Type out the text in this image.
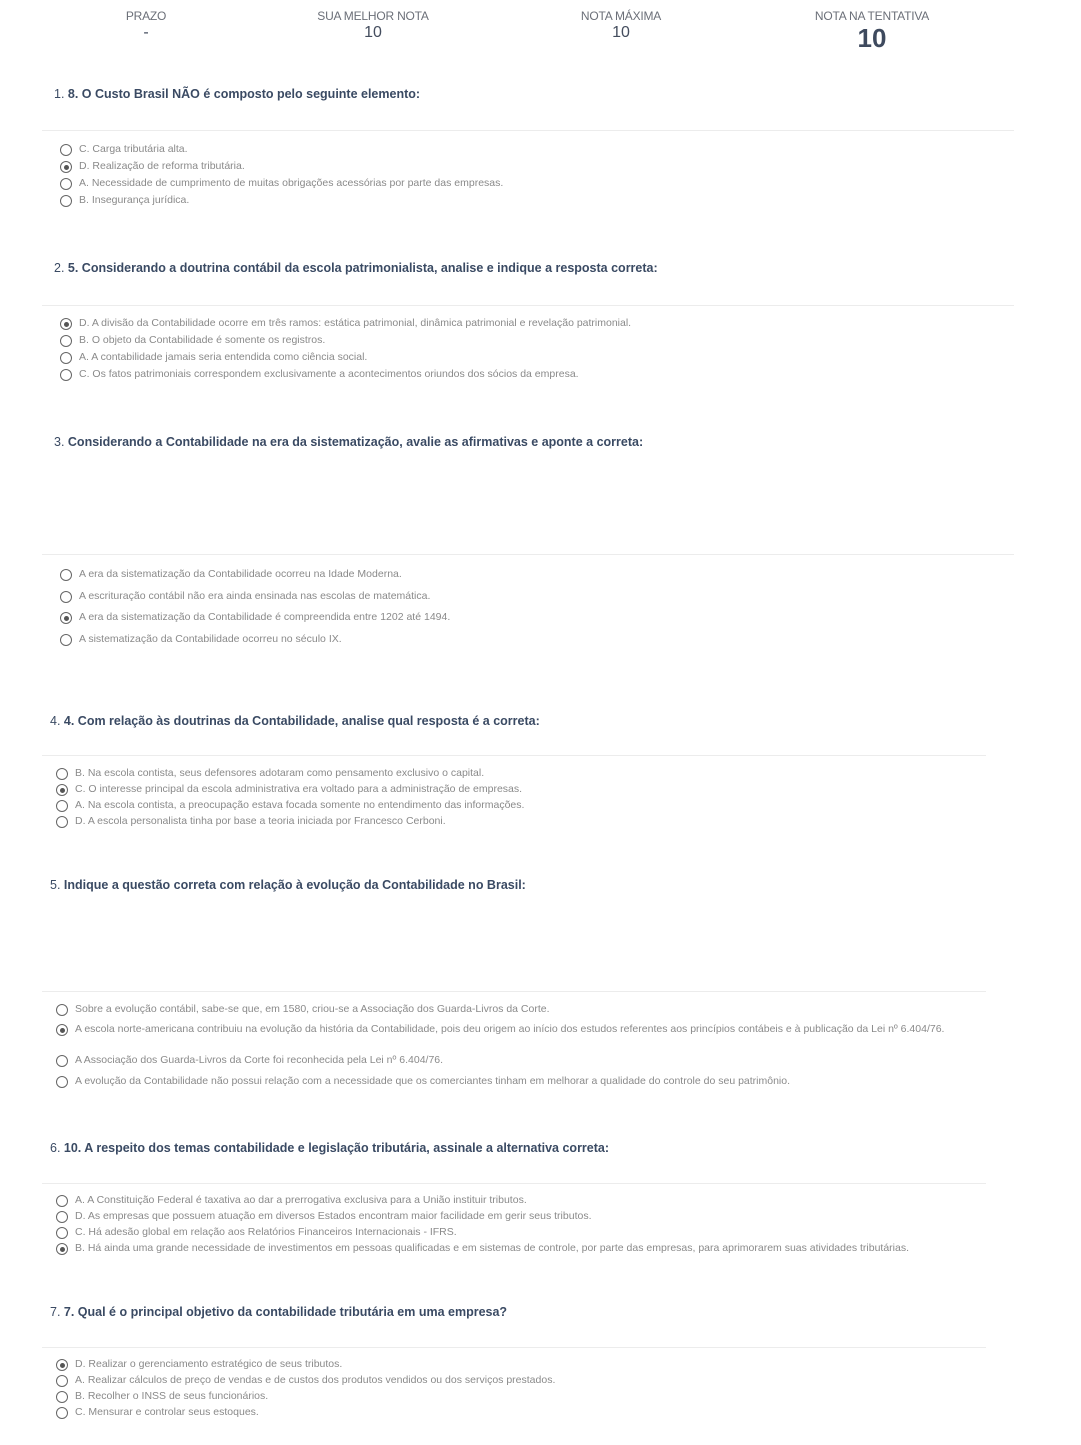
PRAZO
-
SUA MELHOR NOTA
10
NOTA MÁXIMA
10
NOTA NA TENTATIVA
10
1. 8. O Custo Brasil NÃO é composto pelo seguinte elemento:
C. Carga tributária alta.
D. Realização de reforma tributária.
A. Necessidade de cumprimento de muitas obrigações acessórias por parte das empresas.
B. Insegurança jurídica.
2. 5. Considerando a doutrina contábil da escola patrimonialista, analise e indique a resposta correta:
D. A divisão da Contabilidade ocorre em três ramos: estática patrimonial, dinâmica patrimonial e revelação patrimonial.
B. O objeto da Contabilidade é somente os registros.
A. A contabilidade jamais seria entendida como ciência social.
C. Os fatos patrimoniais correspondem exclusivamente a acontecimentos oriundos dos sócios da empresa.
3. Considerando a Contabilidade na era da sistematização, avalie as afirmativas e aponte a correta:
A era da sistematização da Contabilidade ocorreu na Idade Moderna.
A escrituração contábil não era ainda ensinada nas escolas de matemática.
A era da sistematização da Contabilidade é compreendida entre 1202 até 1494.
A sistematização da Contabilidade ocorreu no século IX.
4. 4. Com relação às doutrinas da Contabilidade, analise qual resposta é a correta:
B. Na escola contista, seus defensores adotaram como pensamento exclusivo o capital.
C. O interesse principal da escola administrativa era voltado para a administração de empresas.
A. Na escola contista, a preocupação estava focada somente no entendimento das informações.
D. A escola personalista tinha por base a teoria iniciada por Francesco Cerboni.
5. Indique a questão correta com relação à evolução da Contabilidade no Brasil:
Sobre a evolução contábil, sabe-se que, em 1580, criou-se a Associação dos Guarda-Livros da Corte.
A escola norte-americana contribuiu na evolução da história da Contabilidade, pois deu origem ao início dos estudos referentes aos princípios contábeis e à publicação da Lei nº 6.404/76.
A Associação dos Guarda-Livros da Corte foi reconhecida pela Lei nº 6.404/76.
A evolução da Contabilidade não possui relação com a necessidade que os comerciantes tinham em melhorar a qualidade do controle do seu patrimônio.
6. 10. A respeito dos temas contabilidade e legislação tributária, assinale a alternativa correta:
A. A Constituição Federal é taxativa ao dar a prerrogativa exclusiva para a União instituir tributos.
D. As empresas que possuem atuação em diversos Estados encontram maior facilidade em gerir seus tributos.
C. Há adesão global em relação aos Relatórios Financeiros Internacionais - IFRS.
B. Há ainda uma grande necessidade de investimentos em pessoas qualificadas e em sistemas de controle, por parte das empresas, para aprimorarem suas atividades tributárias.
7. 7. Qual é o principal objetivo da contabilidade tributária em uma empresa?
D. Realizar o gerenciamento estratégico de seus tributos.
A. Realizar cálculos de preço de vendas e de custos dos produtos vendidos ou dos serviços prestados.
B. Recolher o INSS de seus funcionários.
C. Mensurar e controlar seus estoques.
